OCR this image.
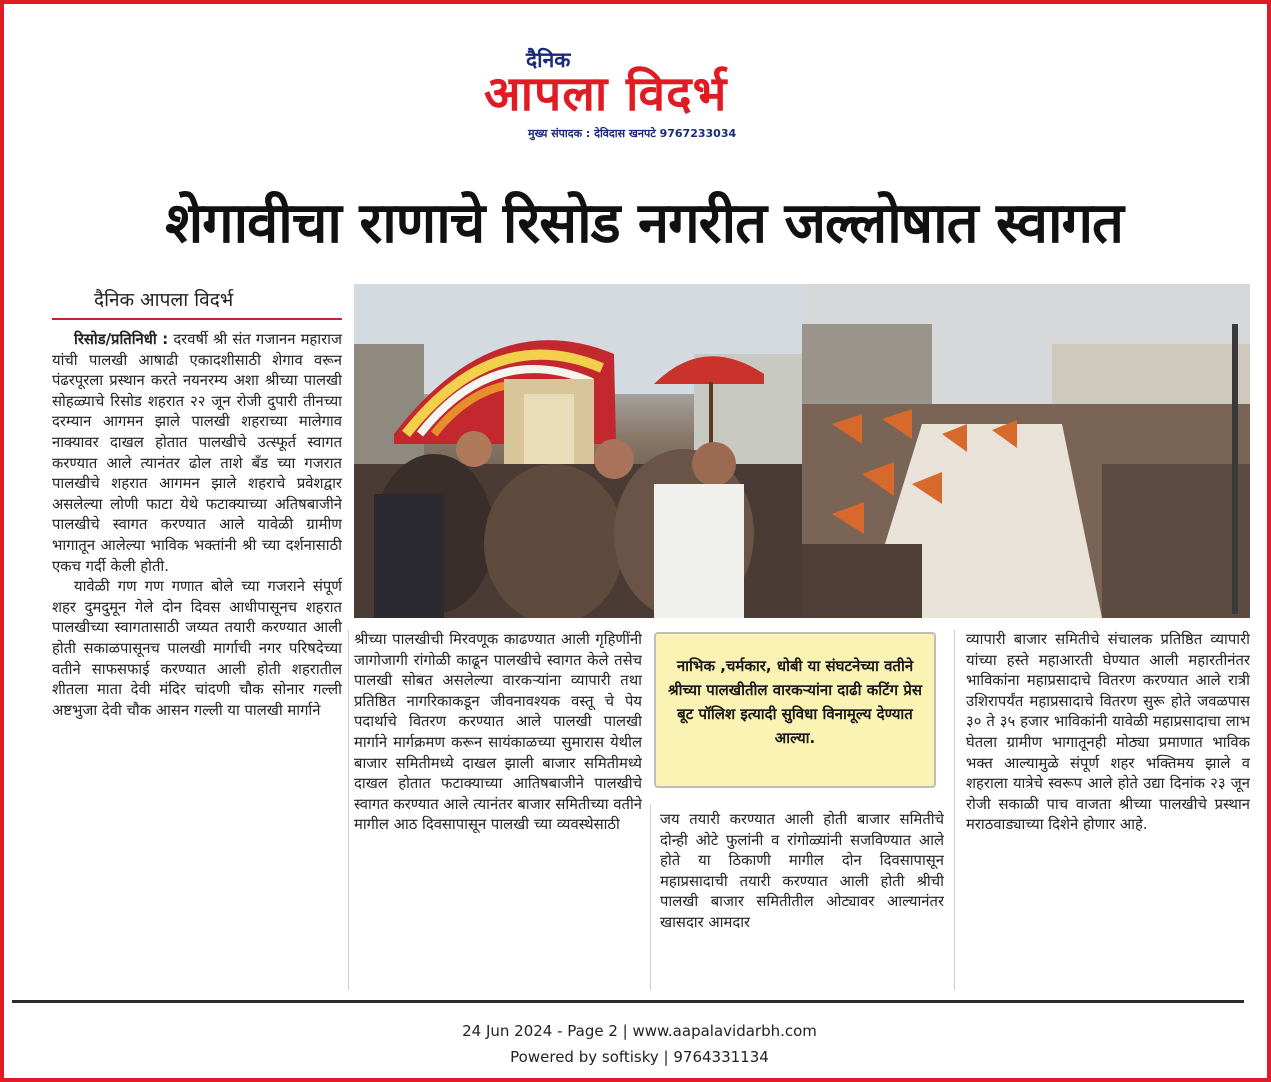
दैनिक
आपला विदर्भ
मुख्य संपादक : देविदास खनपटे 9767233034
शेगावीचा राणाचे रिसोड नगरीत जल्लोषात स्वागत
दैनिक आपला विदर्भ

रिसोड/प्रतिनिधी : दरवर्षी श्री संत गजानन महाराज यांची पालखी आषाढी एकादशीसाठी शेगाव वरून पंढरपूरला प्रस्थान करते नयनरम्य अशा श्रीच्या पालखी सोहळ्याचे रिसोड शहरात २२ जून रोजी दुपारी तीनच्या दरम्यान आगमन झाले पालखी शहराच्या मालेगाव नाक्यावर दाखल होतात पालखीचे उत्स्फूर्त स्वागत करण्यात आले त्यानंतर ढोल ताशे बँड च्या गजरात पालखीचे शहरात आगमन झाले शहराचे प्रवेशद्वार असलेल्या लोणी फाटा येथे फटाक्याच्या अतिषबाजीने पालखीचे स्वागत करण्यात आले यावेळी ग्रामीण भागातून आलेल्या भाविक भक्तांनी श्री च्या दर्शनासाठी एकच गर्दी केली होती.

यावेळी गण गण गणात बोले च्या गजराने संपूर्ण शहर दुमदुमून गेले दोन दिवस आधीपासूनच शहरात पालखीच्या स्वागतासाठी जय्यत तयारी करण्यात आली होती सकाळपासूनच पालखी मार्गाची नगर परिषदेच्या वतीने साफसफाई करण्यात आली होती शहरातील शीतला माता देवी मंदिर चांदणी चौक सोनार गल्ली अष्टभुजा देवी चौक आसन गल्ली या पालखी मार्गाने

श्रीच्या पालखीची मिरवणूक काढण्यात आली गृहिणींनी जागोजागी रांगोळी काढून पालखीचे स्वागत केले तसेच पालखी सोबत असलेल्या वारकऱ्यांना व्यापारी तथा प्रतिष्ठित नागरिकाकडून जीवनावश्यक वस्तू चे पेय पदार्थाचे वितरण करण्यात आले पालखी पालखी मार्गाने मार्गक्रमण करून सायंकाळच्या सुमारास येथील बाजार समितीमध्ये दाखल झाली बाजार समितीमध्ये दाखल होतात फटाक्याच्या आतिषबाजीने पालखीचे स्वागत करण्यात आले त्यानंतर बाजार समितीच्या वतीने मागील आठ दिवसापासून पालखी च्या व्यवस्थेसाठी

नाभिक ,चर्मकार, धोबी या संघटनेच्या वतीने श्रीच्या पालखीतील वारकऱ्यांना दाढी कटिंग प्रेस बूट पॉलिश इत्यादी सुविधा विनामूल्य देण्यात आल्या.

जय तयारी करण्यात आली होती बाजार समितीचे दोन्ही ओटे फुलांनी व रांगोळ्यांनी सजविण्यात आले होते या ठिकाणी मागील दोन दिवसापासून महाप्रसादाची तयारी करण्यात आली होती श्रीची पालखी बाजार समितीतील ओट्यावर आल्यानंतर खासदार आमदार

व्यापारी बाजार समितीचे संचालक प्रतिष्ठित व्यापारी यांच्या हस्ते महाआरती घेण्यात आली महारतीनंतर भाविकांना महाप्रसादाचे वितरण करण्यात आले रात्री उशिरापर्यंत महाप्रसादाचे वितरण सुरू होते जवळपास ३० ते ३५ हजार भाविकांनी यावेळी महाप्रसादाचा लाभ घेतला ग्रामीण भागातूनही मोठ्या प्रमाणात भाविक भक्त आल्यामुळे संपूर्ण शहर भक्तिमय झाले व शहराला यात्रेचे स्वरूप आले होते उद्या दिनांक २३ जून रोजी सकाळी पाच वाजता श्रीच्या पालखीचे प्रस्थान मराठवाड्याच्या दिशेने होणार आहे.

24 Jun 2024 - Page 2 | www.aapalavidarbh.com
Powered by softisky | 9764331134
